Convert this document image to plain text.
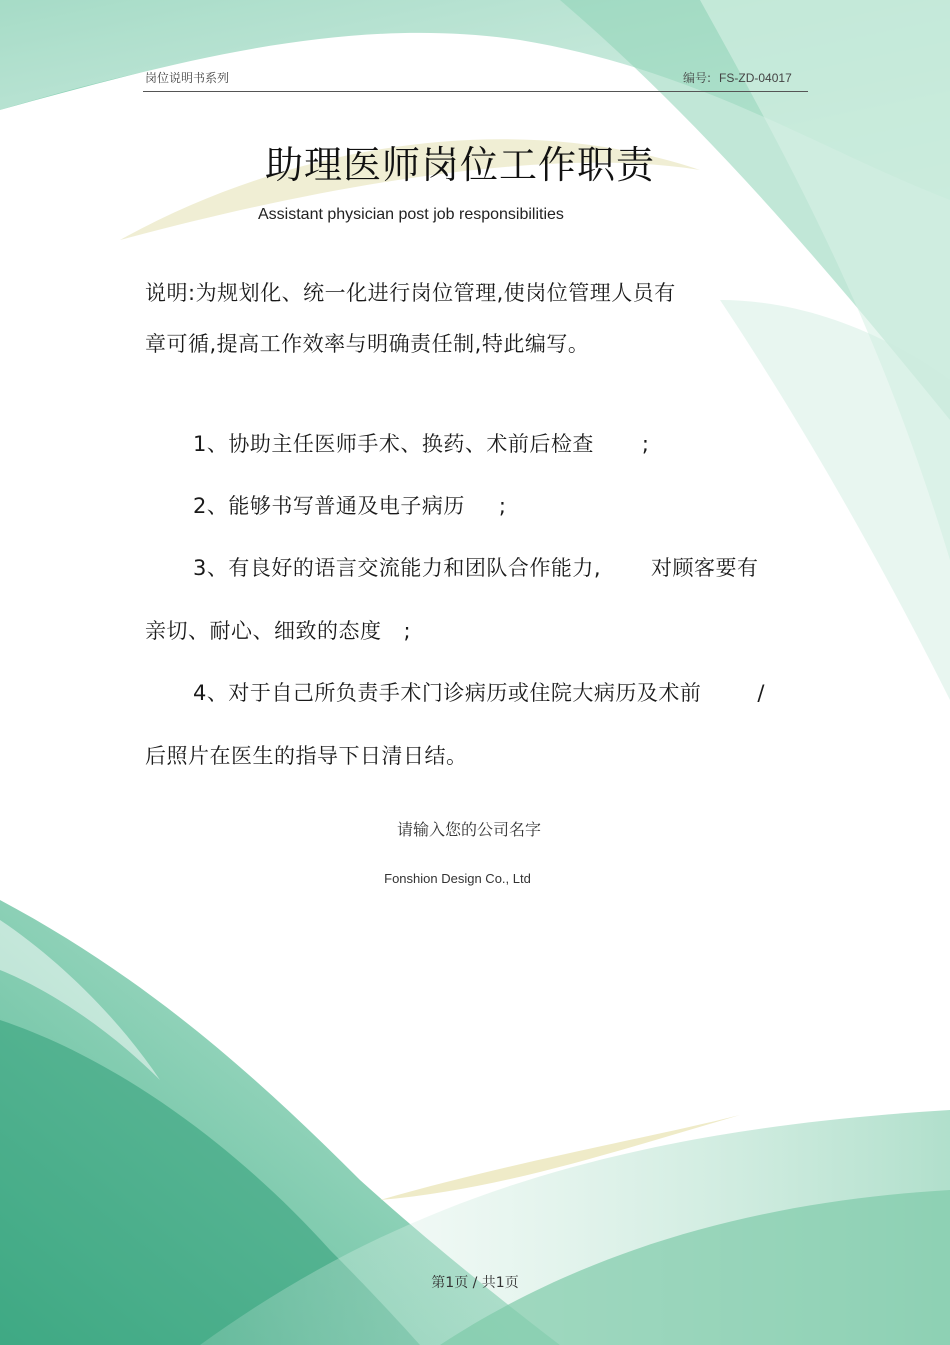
岗位说明书系列	编号: FS-ZD-04017
助理医师岗位工作职责
Assistant physician post job responsibilities
说明:为规划化、统一化进行岗位管理,使岗位管理人员有
章可循,提高工作效率与明确责任制,特此编写。
1、协助主任医师手术、换药、术前后检查 ;
2、能够书写普通及电子病历 ;
3、有良好的语言交流能力和团队合作能力, 对顾客要有
亲切、耐心、细致的态度 ;
4、对于自己所负责手术门诊病历或住院大病历及术前	/
后照片在医生的指导下日清日结。
请输入您的公司名字
Fonshion Design Co., Ltd
第1页 / 共1页
